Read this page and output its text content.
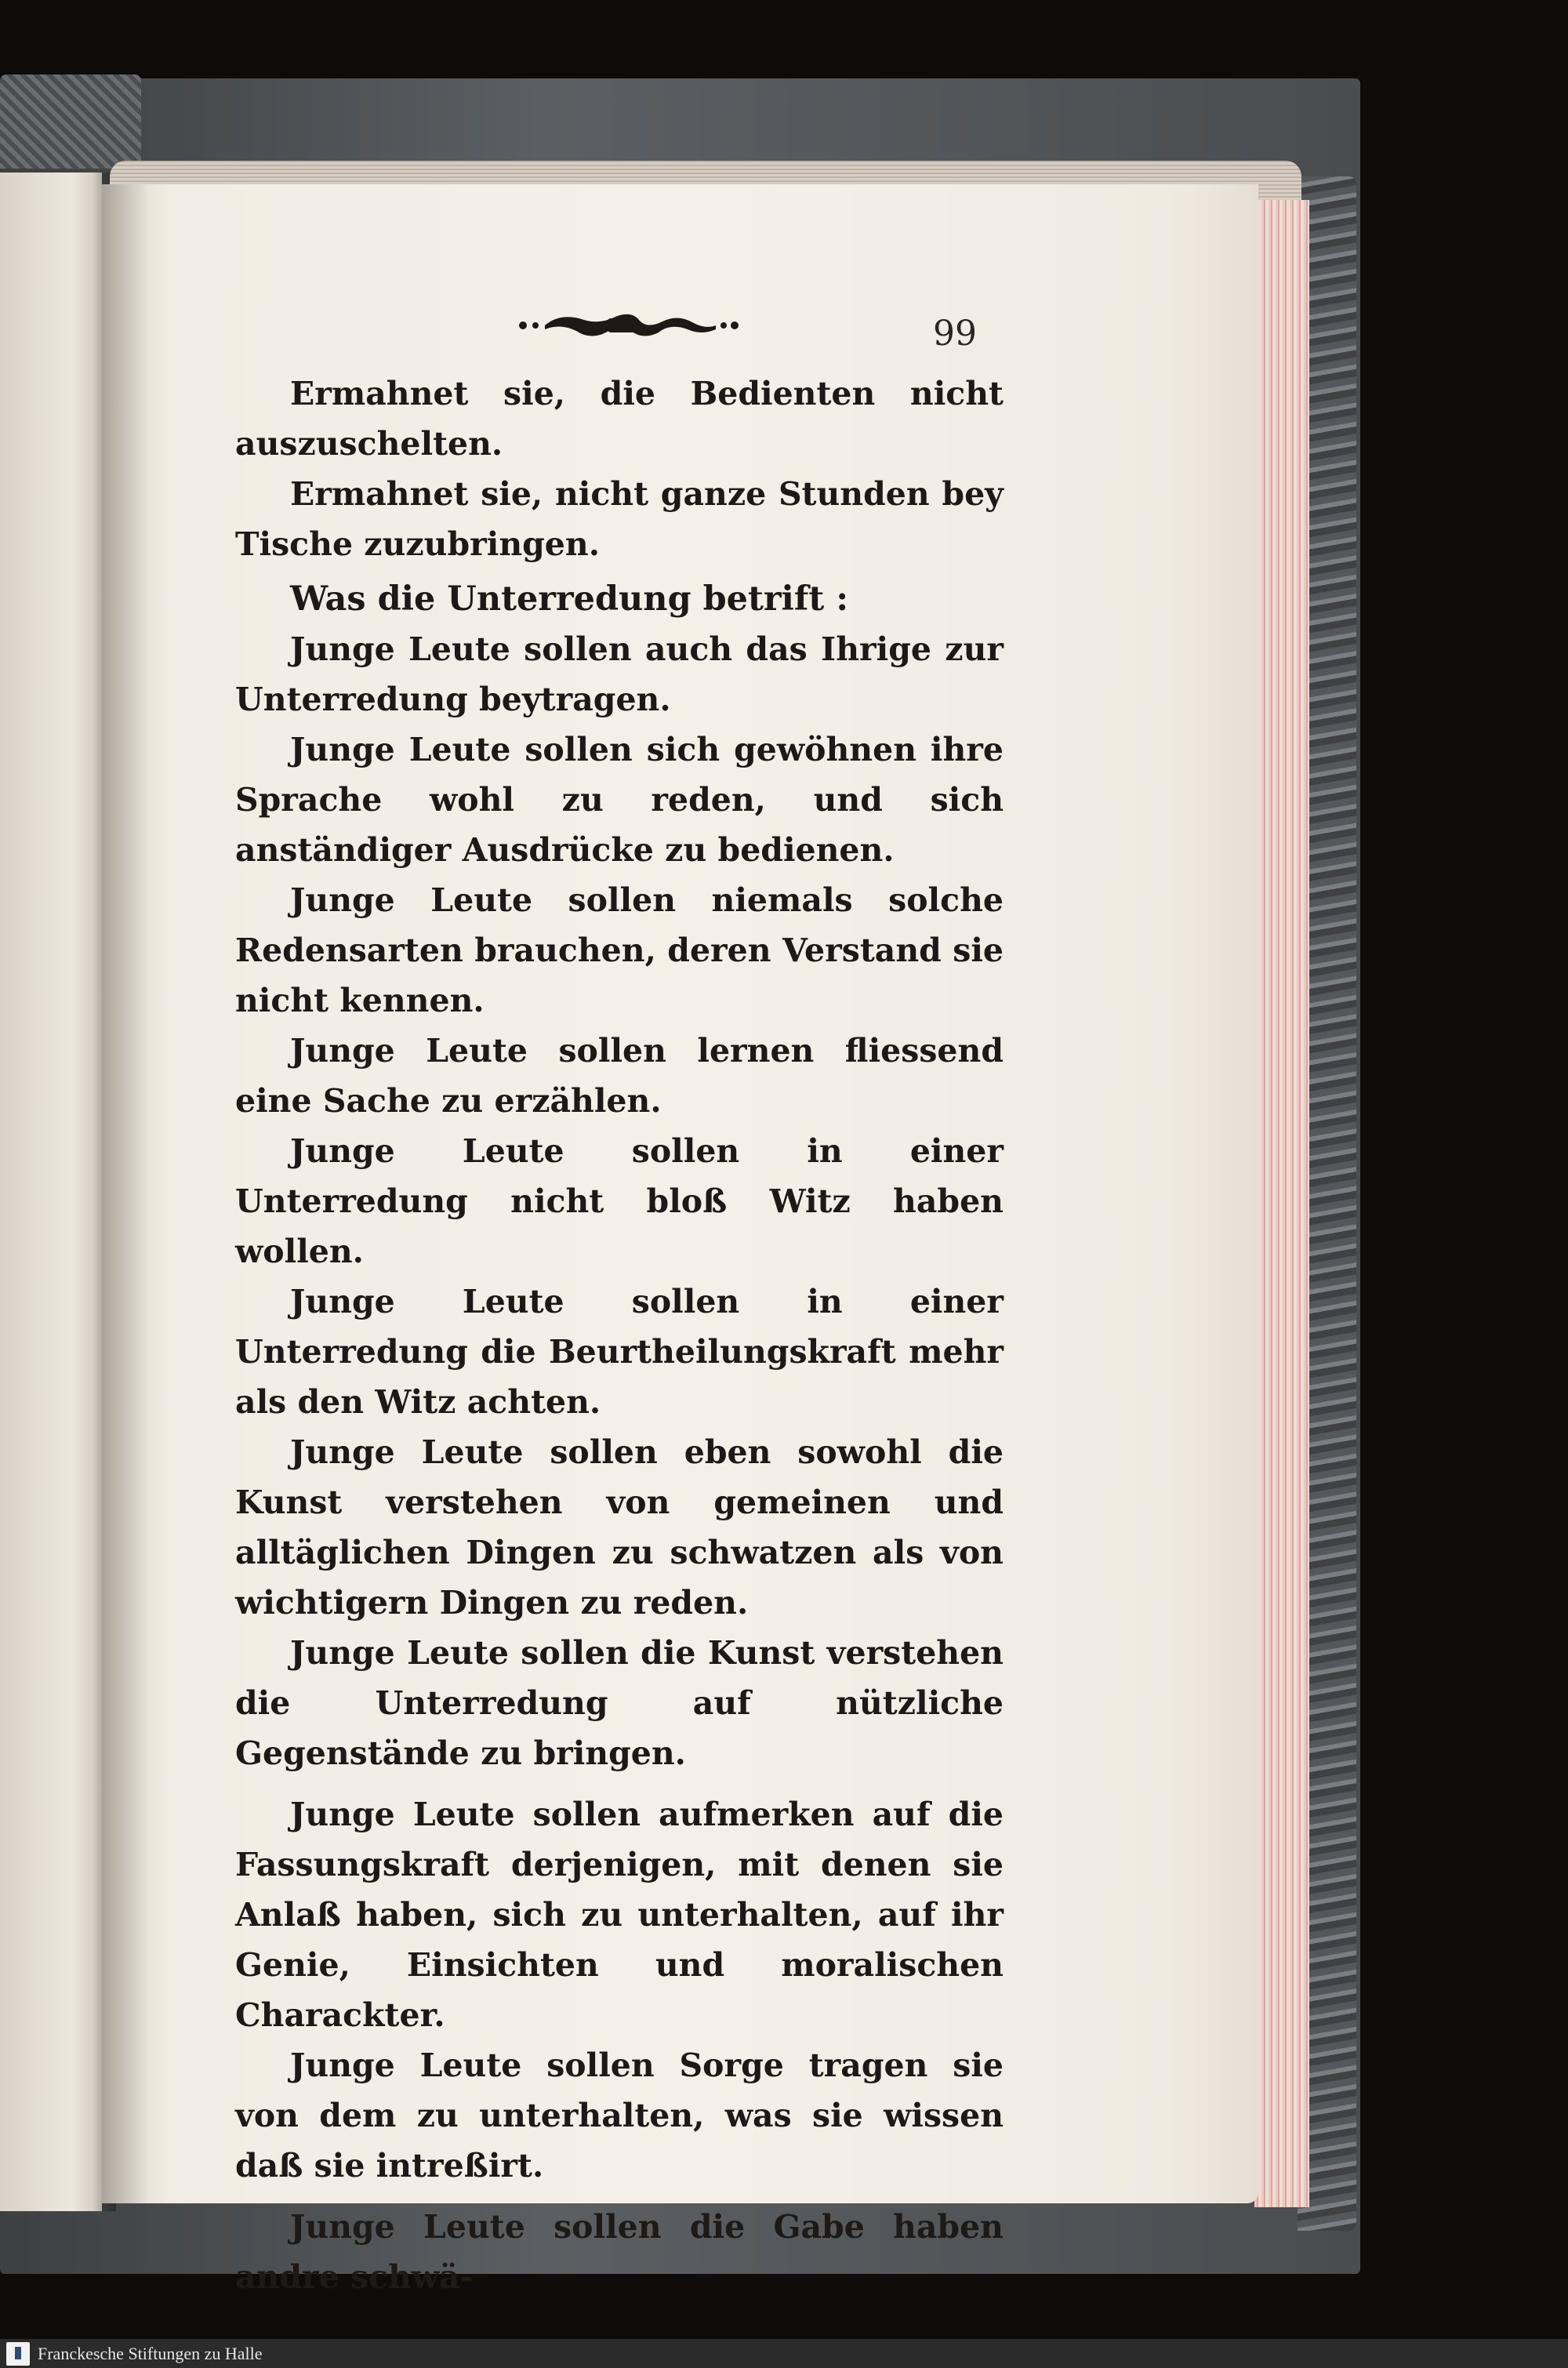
99

Ermahnet sie, die Bedienten nicht auszuschelten.

Ermahnet sie, nicht ganze Stunden bey Tische zuzubringen.

Was die Unterredung betrift :

Junge Leute sollen auch das Ihrige zur Unterredung beytragen.

Junge Leute sollen sich gewöhnen ihre Sprache wohl zu reden, und sich anständiger Ausdrücke zu bedienen.

Junge Leute sollen niemals solche Redensarten brauchen, deren Verstand sie nicht kennen.

Junge Leute sollen lernen fliessend eine Sache zu erzählen.

Junge Leute sollen in einer Unterredung nicht bloß Witz haben wollen.

Junge Leute sollen in einer Unterredung die Beurtheilungskraft mehr als den Witz achten.

Junge Leute sollen eben sowohl die Kunst verstehen von gemeinen und alltäglichen Dingen zu schwatzen als von wichtigern Dingen zu reden.

Junge Leute sollen die Kunst verstehen die Unterredung auf nützliche Gegenstände zu bringen.

Junge Leute sollen aufmerken auf die Fassungskraft derjenigen, mit denen sie Anlaß haben, sich zu unterhalten, auf ihr Genie, Einsichten und moralischen Charackter.

Junge Leute sollen Sorge tragen sie von dem zu unterhalten, was sie wissen daß sie intreßirt.

Junge Leute sollen die Gabe haben andre schwä-

Franckesche Stiftungen zu Halle
